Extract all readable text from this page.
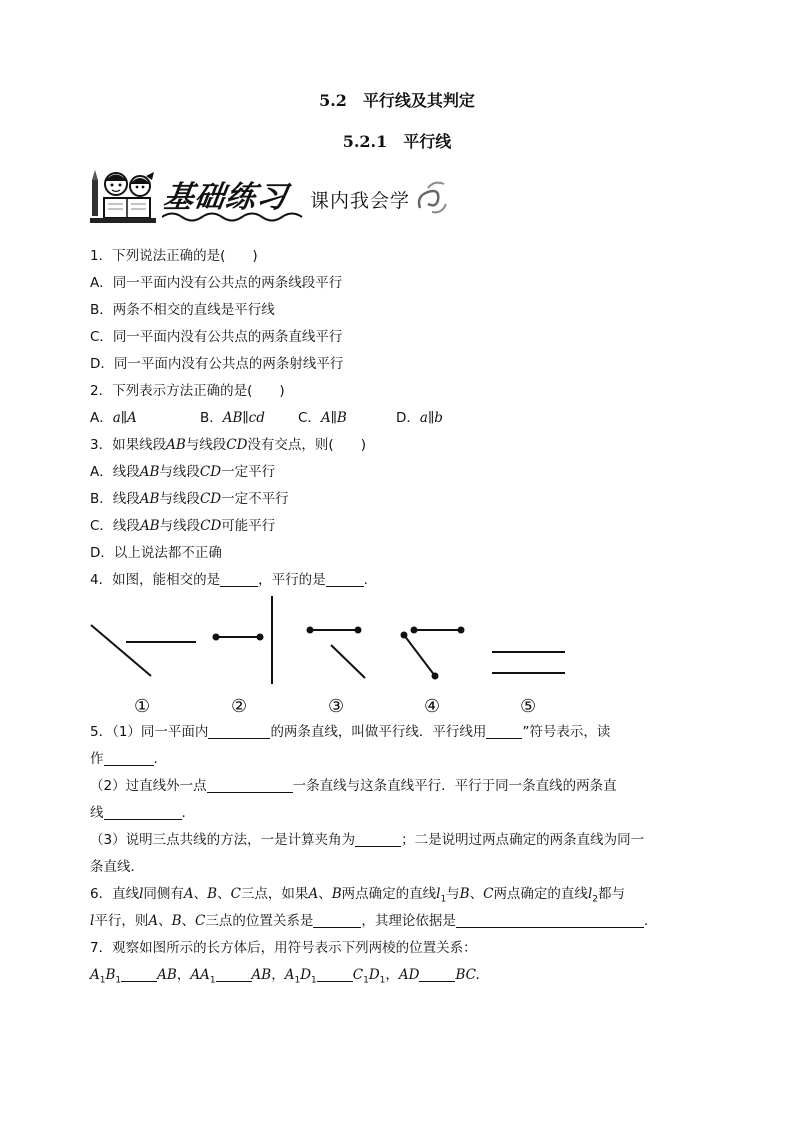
5.2　平行线及其判定
5.2.1　平行线
基础练习 课内我会学
1．下列说法正确的是(　　)
A．同一平面内没有公共点的两条线段平行
B．两条不相交的直线是平行线
C．同一平面内没有公共点的两条直线平行
D．同一平面内没有公共点的两条射线平行
2．下列表示方法正确的是(　　)
A．a∥A	B．AB∥cd C．A∥B	D．a∥b
3．如果线段AB与线段CD没有交点，则(　　)
A．线段AB与线段CD一定平行
B．线段AB与线段CD一定不平行
C．线段AB与线段CD可能平行
D．以上说法都不正确
4．如图，能相交的是	，平行的是	.
①	②	③	④	⑤
5．（1）同一平面内	的两条直线，叫做平行线．平行线用	”符号表示，读
作	.
（2）过直线外一点	一条直线与这条直线平行．平行于同一条直线的两条直
线	.
（3）说明三点共线的方法，一是计算夹角为	；二是说明过两点确定的两条直线为同一
条直线．
6．直线l同侧有A、B、C三点，如果A、B两点确定的直线$l_1$与B、C两点确定的直线$l_2$都与
l平行，则A、B、C三点的位置关系是	，其理论依据是	.
7．观察如图所示的长方体后，用符号表示下列两棱的位置关系：
$A_1B_1$	AB，$AA_1$	AB，$A_1D_1$	$C_1D_1$，AD	BC.
